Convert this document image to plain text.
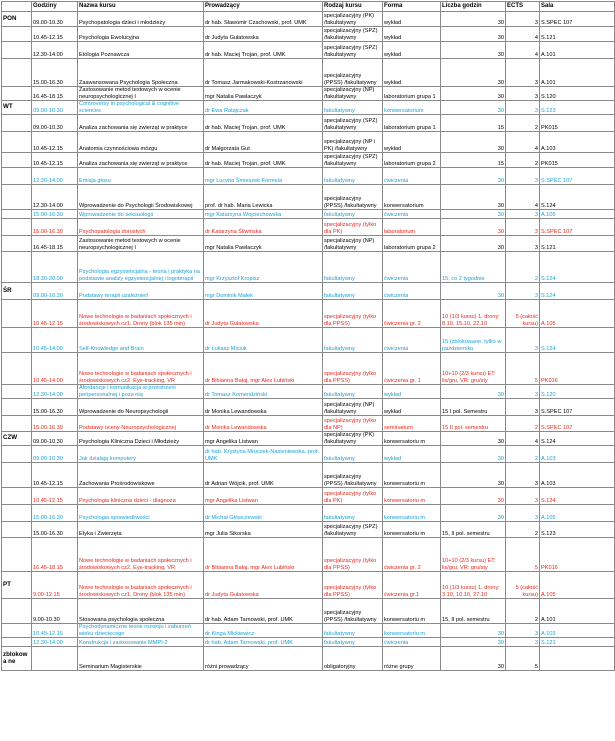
	Godziny	Nazwa kursu	Prowadzący	Rodzaj kursu	Forma	Liczba godzin	ECTS	Sala
PON	09.00-10.30	Psychopatologia dzieci i młodzieży	dr hab. Sławomir Czachowski, prof. UMK	specjalizacyjny (PK) /fakultatywny	wykład	30	3	S.SPEC 107
	10.45-12.15	Psychologia Ewolucyjna	dr Judyta Gułatowska	specjalizacyjny (SPZ) /fakultatywny	wykład	30	4	S.121
	12.30-14.00	Etologia Poznawcza	dr hab. Maciej Trojan, prof. UMK	specjalizacyjny (SPZ) /fakultatywny	wykład	30	4	A.101
	15.00-16.30	Zaawansowana Psychologia Społeczna	dr Tomasz Jarmakowski-Kostrzanowski	specjalizacyjny (PPSS) /fakultatywny	wykład	30	3	A.101
	16.45-18.15	Zastosowanie metod testowych w ocenie neuropsychologicznej I	mgr Natalia Pawlaczyk	specjalizacyjny (NP) /fakultatywny	laboratorium grupa 1	30	3	S.120
WT	09.00-10.30	Controversy in psychological & cognitive sciences	dr Ewa Ratajczak	fakultatywny	konwersatorium	30	3	S.123
	09.00-10.30	Analiza zachowania się zwierząt w praktyce	dr hab. Maciej Trojan, prof. UMK	specjalizacyjny (SPZ) /fakultatywny	laboratorium grupa 1	15	2	PK015
	10.45-12.15	Anatomia czynnościowa mózgu	dr Małgorzata Gut	specjalizacyjny (NP i PK) /fakultatywny	wykład	30	4	A.103
	10.45-12.15	Analiza zachowania się zwierząt w praktyce	dr hab. Maciej Trojan, prof. UMK	specjalizacyjny (SPZ) /fakultatywny	laboratorium grupa 2	15	2	PK015
	12.30-14.00	Emisja głosu	mgr Lucyna Śmieszek Formela	fakultatywny	ćwiczenia	30	3	S.SPEC 107
	12.30-14.00	Wprowadzenie do Psychologii Środowiskowej	prof. dr hab. Maria Lewicka	specjalizacyjny (PPSS) /fakultatywny	konwersatorium	30	4	S.124
	15.00-16.30	Wprowadzenie do seksuologii	mgr Katarzyna Wojciechowska	fakultatywny	ćwiczenia	30	3	A.105
	15.00-16.30	Psychopatologia dorosłych	dr Katarzyna Śliwińska	specjalizacyjny (tylko dla PK)	laboratorium	30	3	S.SPEC 107
	16.45-18.15	Zastosowanie metod testowych w ocenie neuropsychologicznej I	mgr Natalia Pawlaczyk	specjalizacyjny (NP) /fakultatywny	laboratorium grupa 2	30	3	S.121
	18.30-20.00	Psychologia egzystencjalna - teoria i praktyka na podstawie analizy egzystencjalnej i logoterapii	mgr Krzysztof Kropisz	fakultatywny	ćwiczenia	15, co 2 tygodnie	2	S.124
ŚR	09.00-10.30	Podstawy terapii uzależnień	mgr Dominik Małek	fakultatywny	ćwiczenia	30	3	S.124
	10.45-12.15	Nowe technologie w badaniach społecznych i środowiskowych cz1. Drony (blok 135 min)	dr Judyta Gułatowska	specjalizacyjny (tylko dla PPSS)	ćwiczenia gr. 2	10 (1/3 kursu) 1. drony: 8.10, 15.10, 22.10	5 (całość kursu)	A.105
	10.45-14.00	Self-Knowledge and Brain	dr Łukasz Miciuk	fakultatywny	ćwiczenia	15 (zblokowane, tylko w październiku	3	S.124
	10.45-14.00	Nowe technologie w badaniach społecznych i środowiskowych cz2. Eye-tracking, VR	dr Bibianna Bałaj, mgr Alex Lubiński	specjalizacyjny (tylko dla PPSS)	ćwiczenia gr. 1	10+10 (2/3 kursu) ET: lis/gru, VR: gru/sty	5	PK016
	12.30-14.00	Afordancje i komunikacja w przestrzeni peripersonalnej i poza nią	dr Tomasz Komendziński	fakultatywny	wykład	30	3	S.120
	15.00-16.30	Wprowadzenie do Neuropsychologii	dr Monika Lewandowska	specjalizacyjny (NP) /fakultatywny	wykład	15 I pol. Semestru	3	S.SPEC 107
	15.00-16.30	Podstawy oceny Neuropsychologicznej	dr Monika Lewandowska	specjalizacyjny (tylko dla NP)	seminarium	15 II pol. semestru	2	S.SPEC 107
CZW	09.00-10.30	Psychologia Kliniczna Dzieci i Młodzieży	mgr Angelika Listwan	specjalizacyjny (PK) /fakultatywny	konwersatoriu m	30	4	S.124
	09.00-10.30	Jak działają komputery	dr hab. Krystyna Mruczek-Nasieniewska, prof. UMK	fakultatywny	wykład	30	2	A.103
	10.45-12.15	Zachowania Prośrodowiskowe	dr Adrian Wójcik, prof. UMK	specjalizacyjny (PPSS) /fakultatywny	konwersatoriu m	30	3	A.103
	10.45-12.15	Psychologia kliniczna dzieci - diagnoza	mgr Angelika Listwan	specjalizacyjny (tylko dla PK)	konwersatoriu m	30	3	S.124
	15.00-16.30	Psychologia sprawiedliwości	dr Michał Główczewski	fakultatywny	konwersatoriu m	30	3	A.105
	15.00-16.30	Etyka i Zwierzęta	mgr Julia Sikorska	specjalizacyjny (SPZ) /fakultatywny	konwersatoriu m	15, II pol. semestru	2	S.123
	16.45-18.15	Nowe technologie w badaniach społecznych i środowiskowych cz2. Eye-tracking, VR	dr Bibianna Bałaj, mgr Alex Lubiński	specjalizacyjny (tylko dla PPSS)	ćwiczenia gr. 2	10+10 (2/3 kursu) ET: lis/gru, VR: gru/sty	5	PK016
PT	9.00-12.15	Nowe technologie w badaniach społecznych i środowiskowych cz1. Drony (blok 135 min)	dr Judyta Gułatowska	specjalizacyjny (tylko dla PPSS)	ćwiczenia gr.1	10 (1/3 kursu) 1. drony: 3.10, 10.10, 27.10	5 (całość kursu)	A.105
	9.00-10.30	Stosowana psychologia społeczna	dr hab. Adam Tarnowski, prof. UMK	specjalizacyjny (PPSS) /fakultatywny	konwersatoriu m	15, II pol. semestru	2	A.101
	10.45-12.15	Psychodynamiczne teorie rozwoju i zaburzeń wieku dziecięcego	dr Kinga Mickiewicz	fakultatywny	konwersatoriu m	30	3	A.103
	12.30-14.00	Konstrukcja i zastosowanie MMPI-2	dr hab. Adam Tarnowski, prof. UMK	fakultatywny	ćwiczenia	30	3	S.121
zblokowa ne		Seminarium Magisterskie	różni prowadzący	obligatoryjny	różne grupy	30	5	
